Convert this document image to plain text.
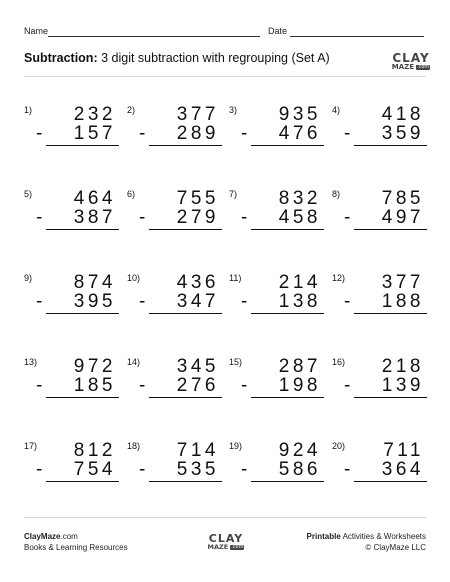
Name	Date
Subtraction: 3 digit subtraction with regrouping (Set A)	CLAY
MAZE .com
1)	232
- 157
2)	377
- 289
3)	935
- 476
4)	418
- 359
5)	464
- 387
6)	755
- 279
7)	832
- 458
8)	785
- 497
9)	874
- 395
10)	436
- 347
11)	214
- 138
12)	377
- 188
13)	972
- 185
14)	345
- 276
15)	287
- 198
16)	218
- 139
17)	812
- 754
18)	714
- 535
19)	924
- 586
20)	711
- 364
ClayMaze.com
Books & Learning Resources
CLAY
MAZE .com
Printable Activities & Worksheets
© ClayMaze LLC
